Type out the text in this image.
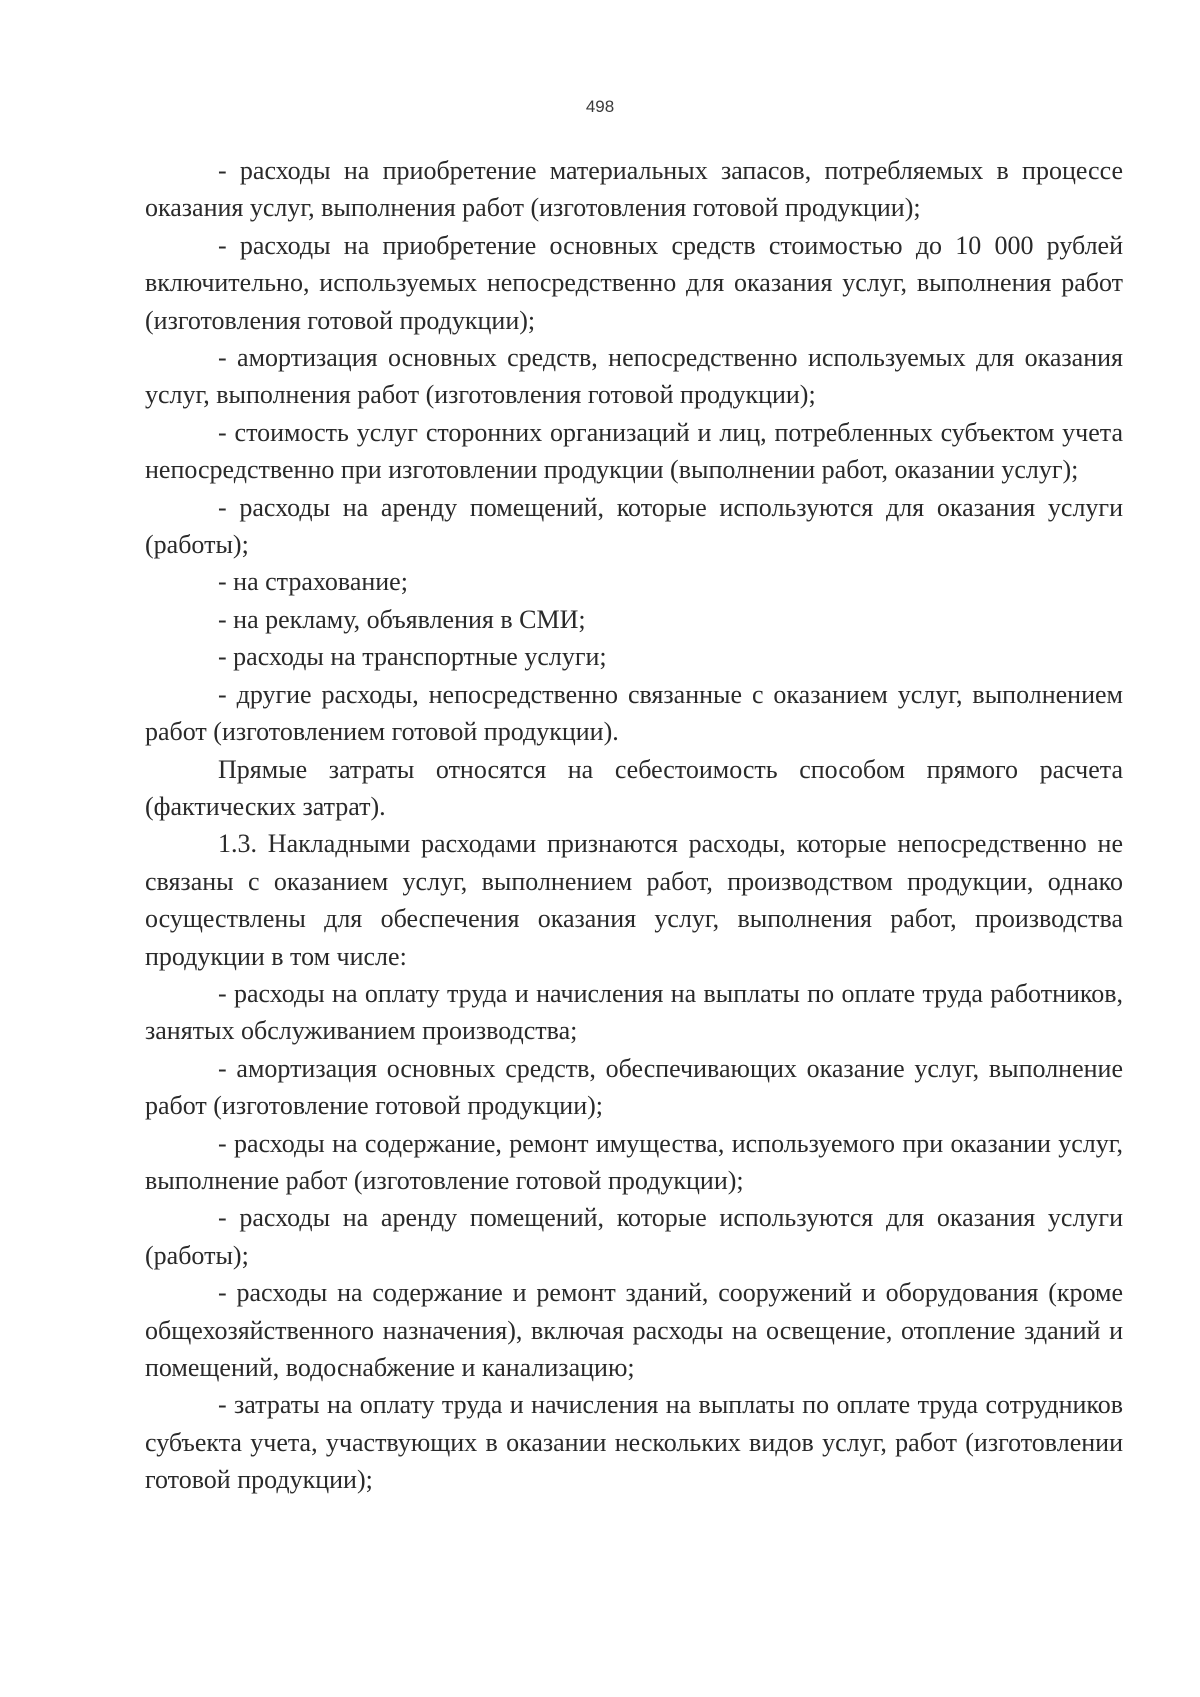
498

- расходы на приобретение материальных запасов, потребляемых в процессе оказания услуг, выполнения работ (изготовления готовой продукции);

- расходы на приобретение основных средств стоимостью до 10 000 рублей включительно, используемых непосредственно для оказания услуг, выполнения работ (изготовления готовой продукции);

- амортизация основных средств, непосредственно используемых для оказания услуг, выполнения работ (изготовления готовой продукции);

- стоимость услуг сторонних организаций и лиц, потребленных субъектом учета непосредственно при изготовлении продукции (выполнении работ, оказании услуг);

- расходы на аренду помещений, которые используются для оказания услуги (работы);

- на страхование;

- на рекламу, объявления в СМИ;

- расходы на транспортные услуги;

- другие расходы, непосредственно связанные с оказанием услуг, выполнением работ (изготовлением готовой продукции).

Прямые затраты относятся на себестоимость способом прямого расчета (фактических затрат).

1.3. Накладными расходами признаются расходы, которые непосредственно не связаны с оказанием услуг, выполнением работ, производством продукции, однако осуществлены для обеспечения оказания услуг, выполнения работ, производства продукции в том числе:

- расходы на оплату труда и начисления на выплаты по оплате труда работников, занятых обслуживанием производства;

- амортизация основных средств, обеспечивающих оказание услуг, выполнение работ (изготовление готовой продукции);

- расходы на содержание, ремонт имущества, используемого при оказании услуг, выполнение работ (изготовление готовой продукции);

- расходы на аренду помещений, которые используются для оказания услуги (работы);

- расходы на содержание и ремонт зданий, сооружений и оборудования (кроме общехозяйственного назначения), включая расходы на освещение, отопление зданий и помещений, водоснабжение и канализацию;

- затраты на оплату труда и начисления на выплаты по оплате труда сотрудников субъекта учета, участвующих в оказании нескольких видов услуг, работ (изготовлении готовой продукции);
